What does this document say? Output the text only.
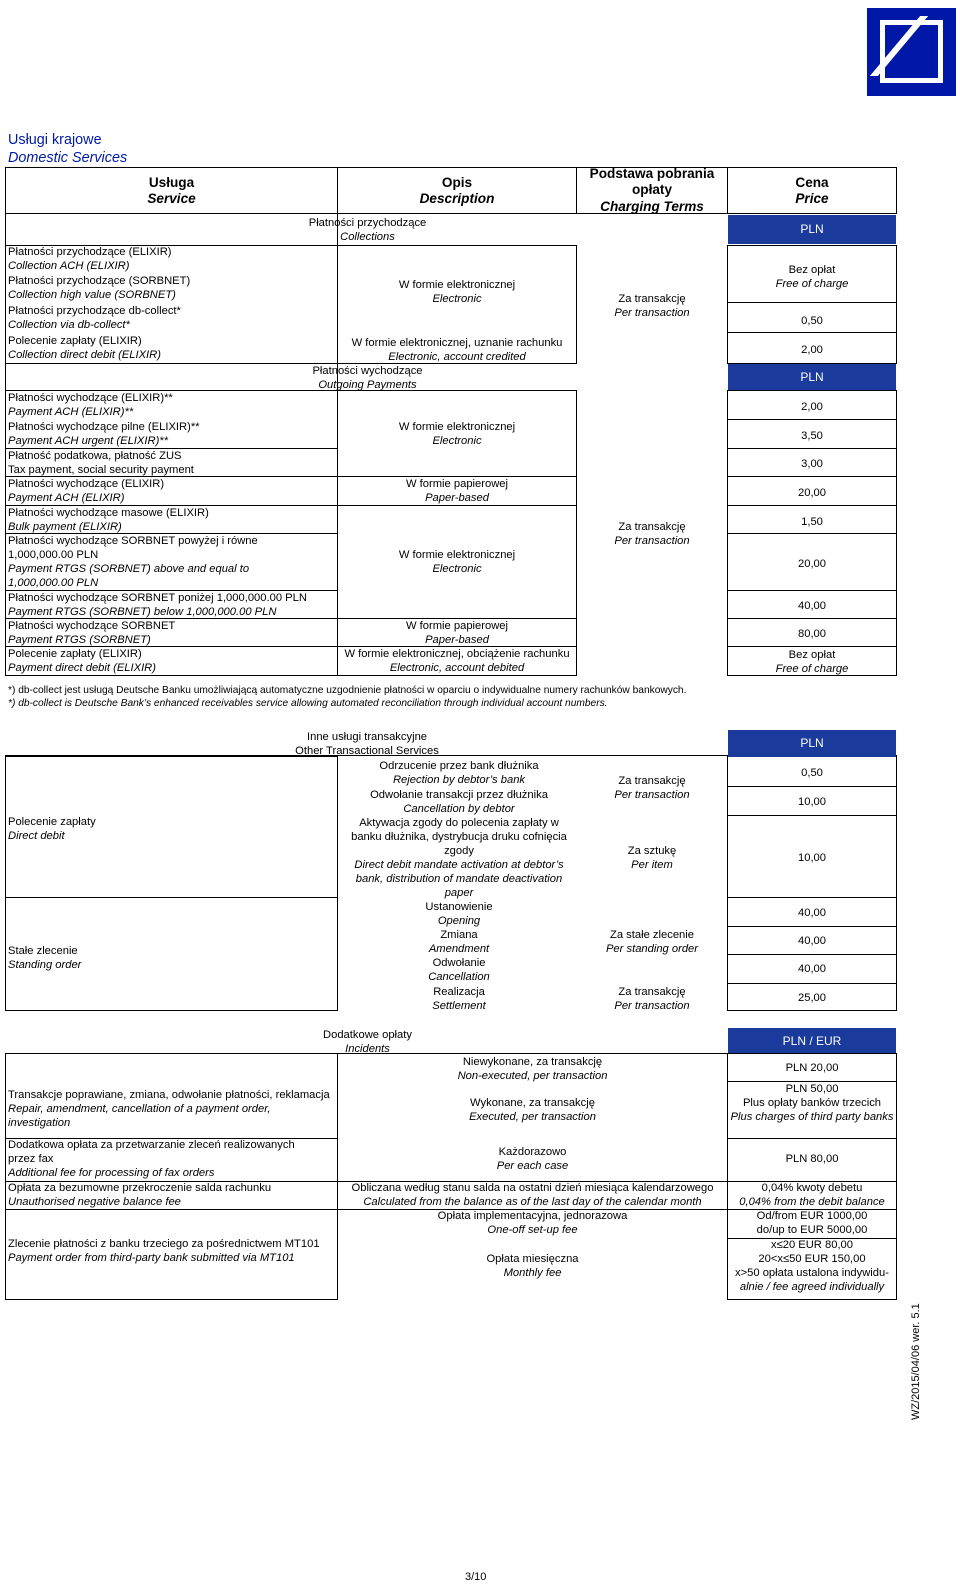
Usługi krajowe
Domestic Services
Usługa
Service
Opis
Description
Podstawa pobrania opłaty
Charging Terms
Cena
Price
Płatności przychodzące
Collections
PLN
Płatności przychodzące (ELIXIR)
Collection ACH (ELIXIR)
Płatności przychodzące (SORBNET)
Collection high value (SORBNET)
Płatności przychodzące db-collect*
Collection via db-collect*
Polecenie zapłaty (ELIXIR)
Collection direct debit (ELIXIR)
W formie elektronicznej
Electronic
W formie elektronicznej, uznanie rachunku
Electronic, account credited
Za transakcję
Per transaction
Bez opłat
Free of charge
0,50
2,00
Płatności wychodzące
Outgoing Payments
PLN
Płatności wychodzące (ELIXIR)**
Payment ACH (ELIXIR)**
Płatności wychodzące pilne (ELIXIR)**
Payment ACH urgent (ELIXIR)**
Płatność podatkowa, płatność ZUS
Tax payment, social security payment
Płatności wychodzące (ELIXIR)
Payment ACH (ELIXIR)
Płatności wychodzące masowe (ELIXIR)
Bulk payment (ELIXIR)
Płatności wychodzące SORBNET powyżej i równe 1,000,000.00 PLN
Payment RTGS (SORBNET) above and equal to 1,000,000.00 PLN
Płatności wychodzące SORBNET poniżej 1,000,000.00 PLN
Payment RTGS (SORBNET) below 1,000,000.00 PLN
Płatności wychodzące SORBNET
Payment RTGS (SORBNET)
Polecenie zapłaty (ELIXIR)
Payment direct debit (ELIXIR)
W formie elektronicznej
Electronic
W formie papierowej
Paper-based
W formie elektronicznej
Electronic
W formie papierowej
Paper-based
W formie elektronicznej, obciążenie rachunku
Electronic, account debited
Za transakcję
Per transaction
2,00
3,50
3,00
20,00
1,50
20,00
40,00
80,00
Bez opłat
Free of charge
*) db-collect jest usługą Deutsche Banku umożliwiającą automatyczne uzgodnienie płatności w oparciu o indywidualne numery rachunków bankowych.
*) db-collect is Deutsche Bank’s enhanced receivables service allowing automated reconciliation through individual account numbers.
Inne usługi transakcyjne
Other Transactional Services
PLN
Polecenie zapłaty
Direct debit
Stałe zlecenie
Standing order
Odrzucenie przez bank dłużnika
Rejection by debtor’s bank
Odwołanie transakcji przez dłużnika
Cancellation by debtor
Aktywacja zgody do polecenia zapłaty w banku dłużnika, dystrybucja druku cofnięcia zgody
Direct debit mandate activation at debtor’s bank, distribution of mandate deactivation paper
Ustanowienie
Opening
Zmiana
Amendment
Odwołanie
Cancellation
Realizacja
Settlement
Za transakcję
Per transaction
Za sztukę
Per item
Za stałe zlecenie
Per standing order
Za transakcję
Per transaction
0,50
10,00
10,00
40,00
40,00
40,00
25,00
Dodatkowe opłaty
Incidents
PLN / EUR
Transakcje poprawiane, zmiana, odwołanie płatności, reklamacja
Repair, amendment, cancellation of a payment order, investigation
Dodatkowa opłata za przetwarzanie zleceń realizowanych przez fax
Additional fee for processing of fax orders
Opłata za bezumowne przekroczenie salda rachunku
Unauthorised negative balance fee
Zlecenie płatności z banku trzeciego za pośrednictwem MT101
Payment order from third-party bank submitted via MT101
Niewykonane, za transakcję
Non-executed, per transaction
Wykonane, za transakcję
Executed, per transaction
Każdorazowo
Per each case
Obliczana według stanu salda na ostatni dzień miesiąca kalendarzowego
Calculated from the balance as of the last day of the calendar month
Opłata implementacyjna, jednorazowa
One-off set-up fee
Opłata miesięczna
Monthly fee
PLN 20,00
PLN 50,00
Plus opłaty banków trzecich
Plus charges of third party banks
PLN 80,00
0,04% kwoty debetu
0,04% from the debit balance
Od/from EUR 1000,00
do/up to EUR 5000,00
x≤20 EUR 80,00
20<x≤50 EUR 150,00
x>50 opłata ustalona indywidu-
alnie / fee agreed individually
3/10
WZ/2015/04/06 wer. 5.1
